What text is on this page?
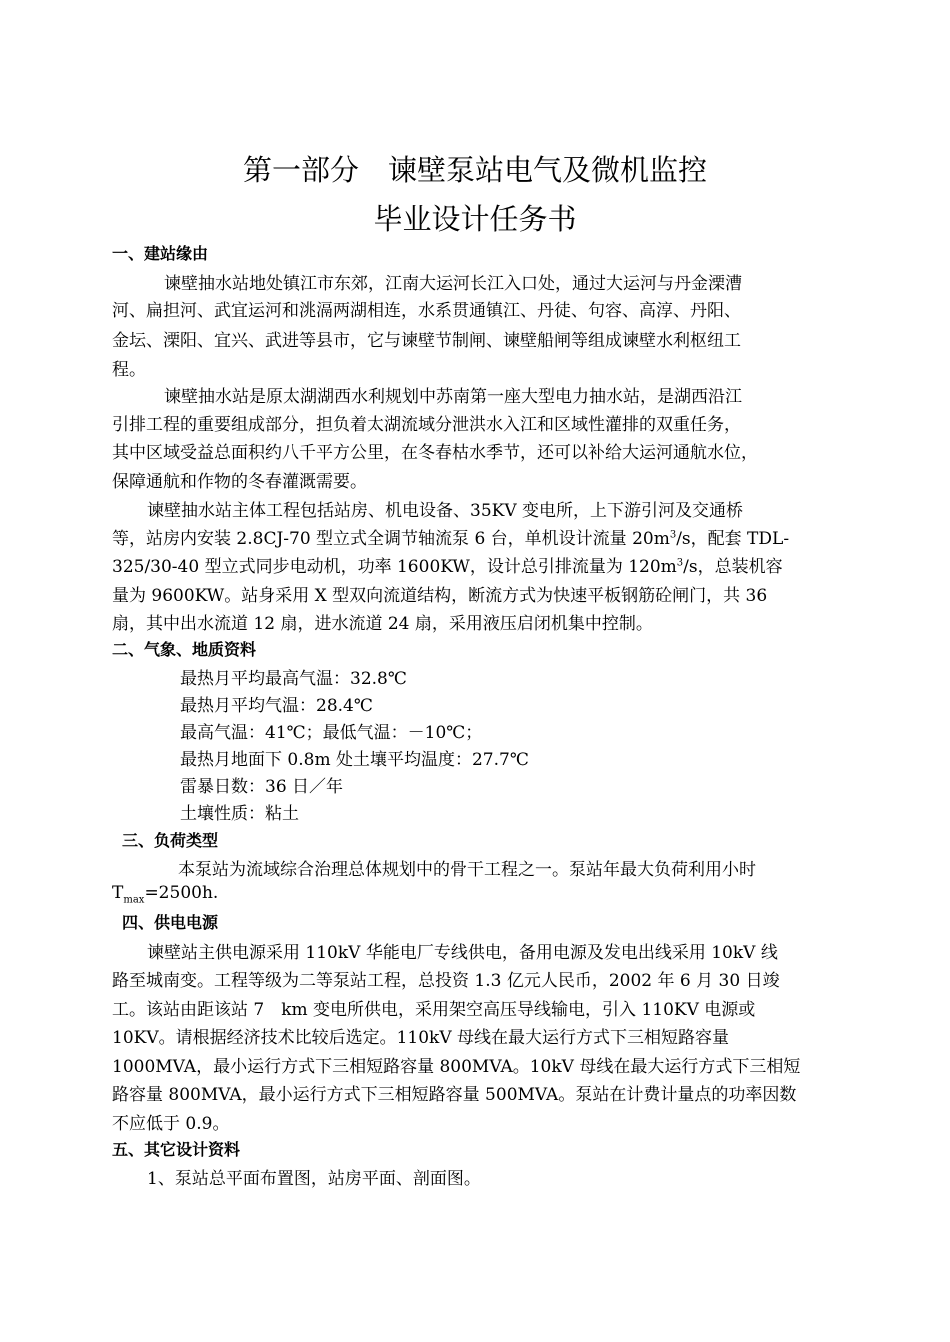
第一部分　谏壁泵站电气及微机监控
毕业设计任务书
一、建站缘由
谏壁抽水站地处镇江市东郊，江南大运河长江入口处，通过大运河与丹金溧漕
河、扁担河、武宜运河和洮滆两湖相连，水系贯通镇江、丹徒、句容、高淳、丹阳、
金坛、溧阳、宜兴、武进等县市，它与谏壁节制闸、谏壁船闸等组成谏壁水利枢纽工
程。
谏壁抽水站是原太湖湖西水利规划中苏南第一座大型电力抽水站，是湖西沿江
引排工程的重要组成部分，担负着太湖流域分泄洪水入江和区域性灌排的双重任务，
其中区域受益总面积约八千平方公里，在冬春枯水季节，还可以补给大运河通航水位，
保障通航和作物的冬春灌溉需要。
谏壁抽水站主体工程包括站房、机电设备、35KV 变电所，上下游引河及交通桥
等，站房内安装 2.8CJ-70 型立式全调节轴流泵 6 台，单机设计流量 $20m^3/s$，配套 TDL-
325/30-40 型立式同步电动机，功率 1600KW，设计总引排流量为 $120m^3/s$，总装机容
量为 9600KW。站身采用 X 型双向流道结构，断流方式为快速平板钢筋砼闸门，共 36
扇，其中出水流道 12 扇，进水流道 24 扇，采用液压启闭机集中控制。
二、气象、地质资料
最热月平均最高气温：32.8℃
最热月平均气温：28.4℃
最高气温：41℃；最低气温：－10℃；
最热月地面下 0.8m 处土壤平均温度：27.7℃
雷暴日数：36 日／年
土壤性质：粘土
三、负荷类型
本泵站为流域综合治理总体规划中的骨干工程之一。泵站年最大负荷利用小时
$T_{max}=2500h$.
四、供电电源
谏壁站主供电源采用 110kV 华能电厂专线供电，备用电源及发电出线采用 10kV 线
路至城南变。工程等级为二等泵站工程，总投资 1.3 亿元人民币，2002 年 6 月 30 日竣
工。该站由距该站 7　km 变电所供电，采用架空高压导线输电，引入 110KV 电源或
10KV。请根据经济技术比较后选定。110kV 母线在最大运行方式下三相短路容量
1000MVA，最小运行方式下三相短路容量 800MVA。10kV 母线在最大运行方式下三相短
路容量 800MVA，最小运行方式下三相短路容量 500MVA。泵站在计费计量点的功率因数
不应低于 0.9。
五、其它设计资料
1、泵站总平面布置图，站房平面、剖面图。
